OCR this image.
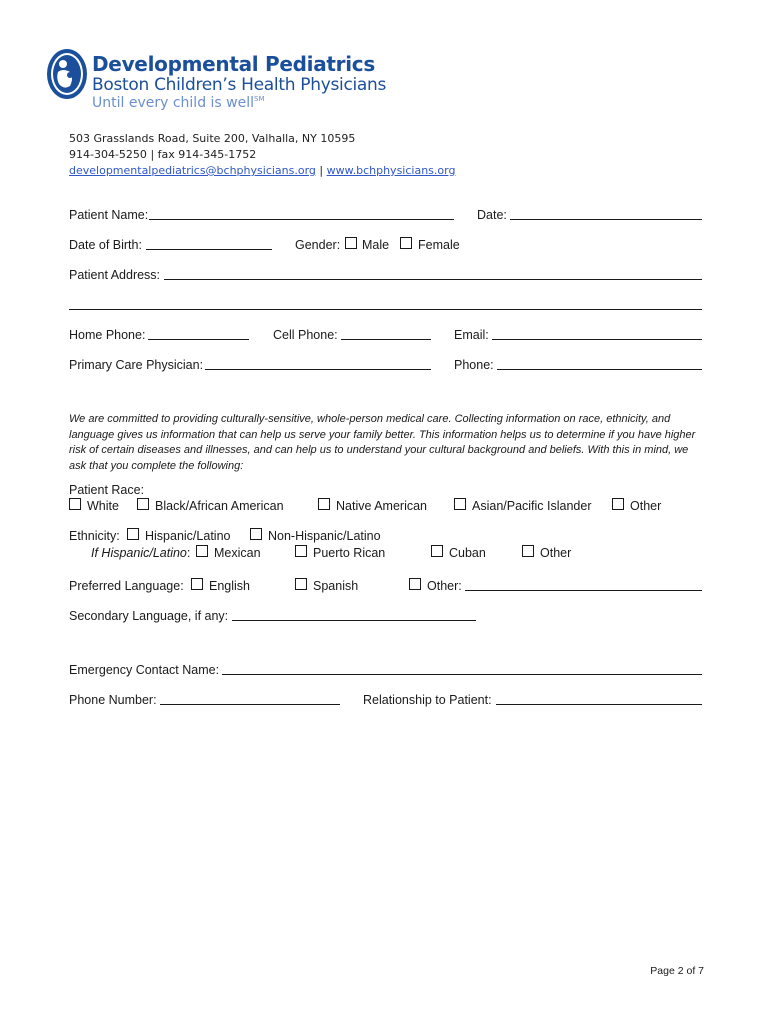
Developmental Pediatrics
Boston Children’s Health Physicians
Until every child is well℠
503 Grasslands Road, Suite 200, Valhalla, NY 10595
914-304-5250 | fax 914-345-1752
developmentalpediatrics@bchphysicians.org | www.bchphysicians.org
Patient Name:	Date:
Date of Birth:	Gender: Male Female
Patient Address:
Home Phone:	Cell Phone:	Email:
Primary Care Physician:	Phone:
We are committed to providing culturally-sensitive, whole-person medical care. Collecting information on race, ethnicity, and language gives us information that can help us serve your family better. This information helps us to determine if you have higher risk of certain diseases and illnesses, and can help us to understand your cultural background and beliefs. With this in mind, we ask that you complete the following:
Patient Race:
White	Black/African American	Native American	Asian/Pacific Islander	Other
Ethnicity: Hispanic/Latino	Non-Hispanic/Latino
If Hispanic/Latino: Mexican	Puerto Rican	Cuban	Other
Preferred Language: English	Spanish	Other:
Secondary Language, if any:
Emergency Contact Name:
Phone Number:	Relationship to Patient:
Page 2 of 7
